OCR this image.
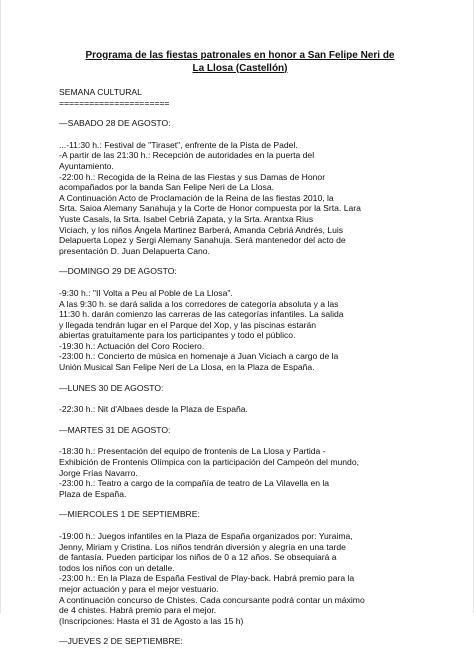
Programa de las fiestas patronales en honor a San Felipe Neri de
La Llosa (Castellón)
SEMANA CULTURAL
======================
—SABADO 28 DE AGOSTO:
...-11:30 h.: Festival de "Tiraset", enfrente de la Pista de Padel.
-A partir de las 21:30 h.: Recepción de autoridades en la puerta del
Ayuntamiento.
-22:00 h.: Recogida de la Reina de las Fiestas y sus Damas de Honor
acompañados por la banda San Felipe Neri de La Llosa.
A Continuación Acto de Proclamación de la Reina de las fiestas 2010, la
Srta. Saioa Alemany Sanahuja y la Corte de Honor compuesta por la Srta. Lara
Yuste Casals, la Srta. Isabel Cebriá Zapata, y la Srta. Arantxa Rius
Viciach, y los niños Ángela Martinez Barberá, Amanda Cebriá Andrés, Luis
Delapuerta Lopez y Sergi Alemany Sanahuja. Será mantenedor del acto de
presentación D. Juan Delapuerta Cano.
—DOMINGO 29 DE AGOSTO:
-9:30 h.: "II Volta a Peu al Poble de La Llosa".
A las 9:30 h. se dará salida a los corredores de categoría absoluta y a las
11:30 h. darán comienzo las carreras de las categorías infantiles. La salida
y llegada tendrán lugar en el Parque del Xop, y las piscinas estarán
abiertas gratuitamente para los participantes y todo el público.
-19:30 h.: Actuación del Coro Rociero.
-23:00 h.: Concierto de música en homenaje a Juan Viciach a cargo de la
Unión Musical San Felipe Neri de La Llosa, en la Plaza de España.
—LUNES 30 DE AGOSTO:
-22:30 h.: Nit d'Albaes desde la Plaza de España.
—MARTES 31 DE AGOSTO:
-18:30 h.: Presentación del equipo de frontenis de La Llosa y Partida -
Exhibición de Frontenis Olímpica con la participación del Campeón del mundo,
Jorge Frías Navarro.
-23:00 h.: Teatro a cargo de la compañía de teatro de La Vilavella en la
Plaza de España.
—MIERCOLES 1 DE SEPTIEMBRE:
-19:00 h.: Juegos infantiles en la Plaza de España organizados por: Yuraima,
Jenny, Miriam y Cristina. Los niños tendrán diversión y alegría en una tarde
de fantasía. Pueden participar los niños de 0 a 12 años. Se obsequiará a
todos los niños con un detalle.
-23:00 h.: En la Plaza de España Festival de Play-back. Habrá premio para la
mejor actuación y para el mejor vestuario.
A continuación concurso de Chistes. Cada concursante podrá contar un máximo
de 4 chistes. Habrá premio para el mejor.
(Inscripciones: Hasta el 31 de Agosto a las 15 h)
—JUEVES 2 DE SEPTIEMBRE:
